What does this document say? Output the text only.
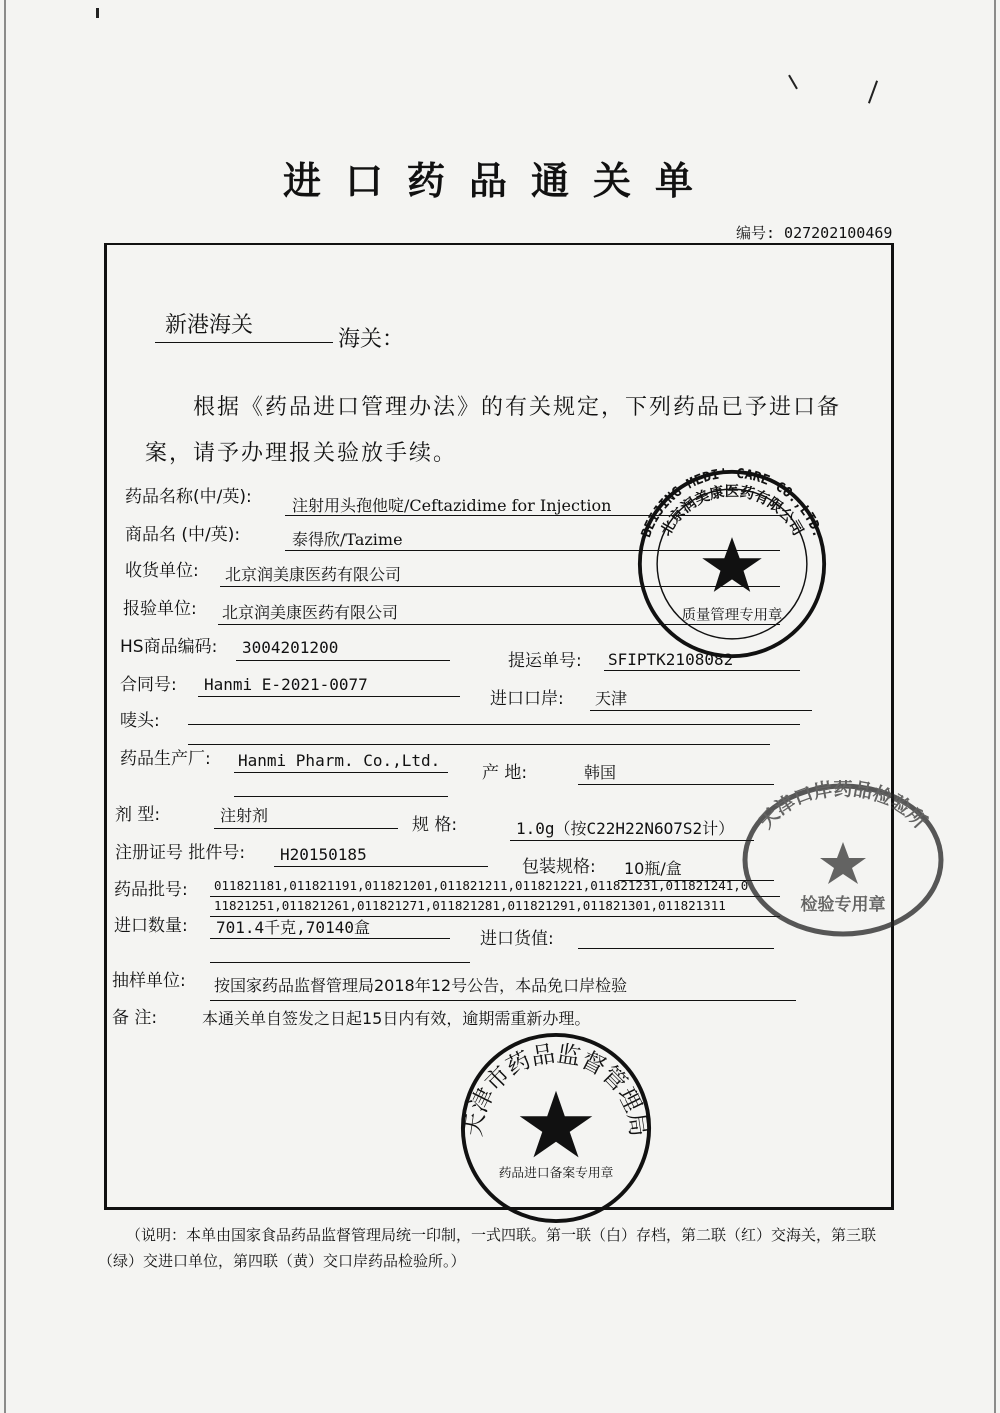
进口药品通关单
编号: 027202100469
新港海关
海关：
根据《药品进口管理办法》的有关规定，下列药品已予进口备案，请予办理报关验放手续。
药品名称(中/英):	注射用头孢他啶/Ceftazidime for Injection
商品名 (中/英):	泰得欣/Tazime
收货单位: 北京润美康医药有限公司
报验单位: 北京润美康医药有限公司
HS商品编码: 3004201200
提运单号: SFIPTK2108082
合同号: Hanmi E-2021-0077
进口口岸: 天津
唛头:
药品生产厂: Hanmi Pharm. Co.,Ltd.
产 地:	韩国
剂 型:	注射剂	规 格:	1.0g（按C22H22N6O7S2计）
注册证号 批件号: H20150185
包装规格: 10瓶/盒
药品批号: 011821181,011821191,011821201,011821211,011821221,011821231,011821241,0
11821251,011821261,011821271,011821281,011821291,011821301,011821311
进口数量: 701.4千克,70140盒
进口货值:
抽样单位: 按国家药品监督管理局2018年12号公告，本品免口岸检验
备 注:	本通关单自签发之日起15日内有效，逾期需重新办理。
BEIJING MEDI' CARE CO.,LTD.
北京润美康医药有限公司
质量管理专用章
天津口岸药品检验所
检验专用章
天津市药品监督管理局
药品进口备案专用章
（说明：本单由国家食品药品监督管理局统一印制，一式四联。第一联（白）存档，第二联（红）交海关，第三联（绿）交进口单位，第四联（黄）交口岸药品检验所。）
